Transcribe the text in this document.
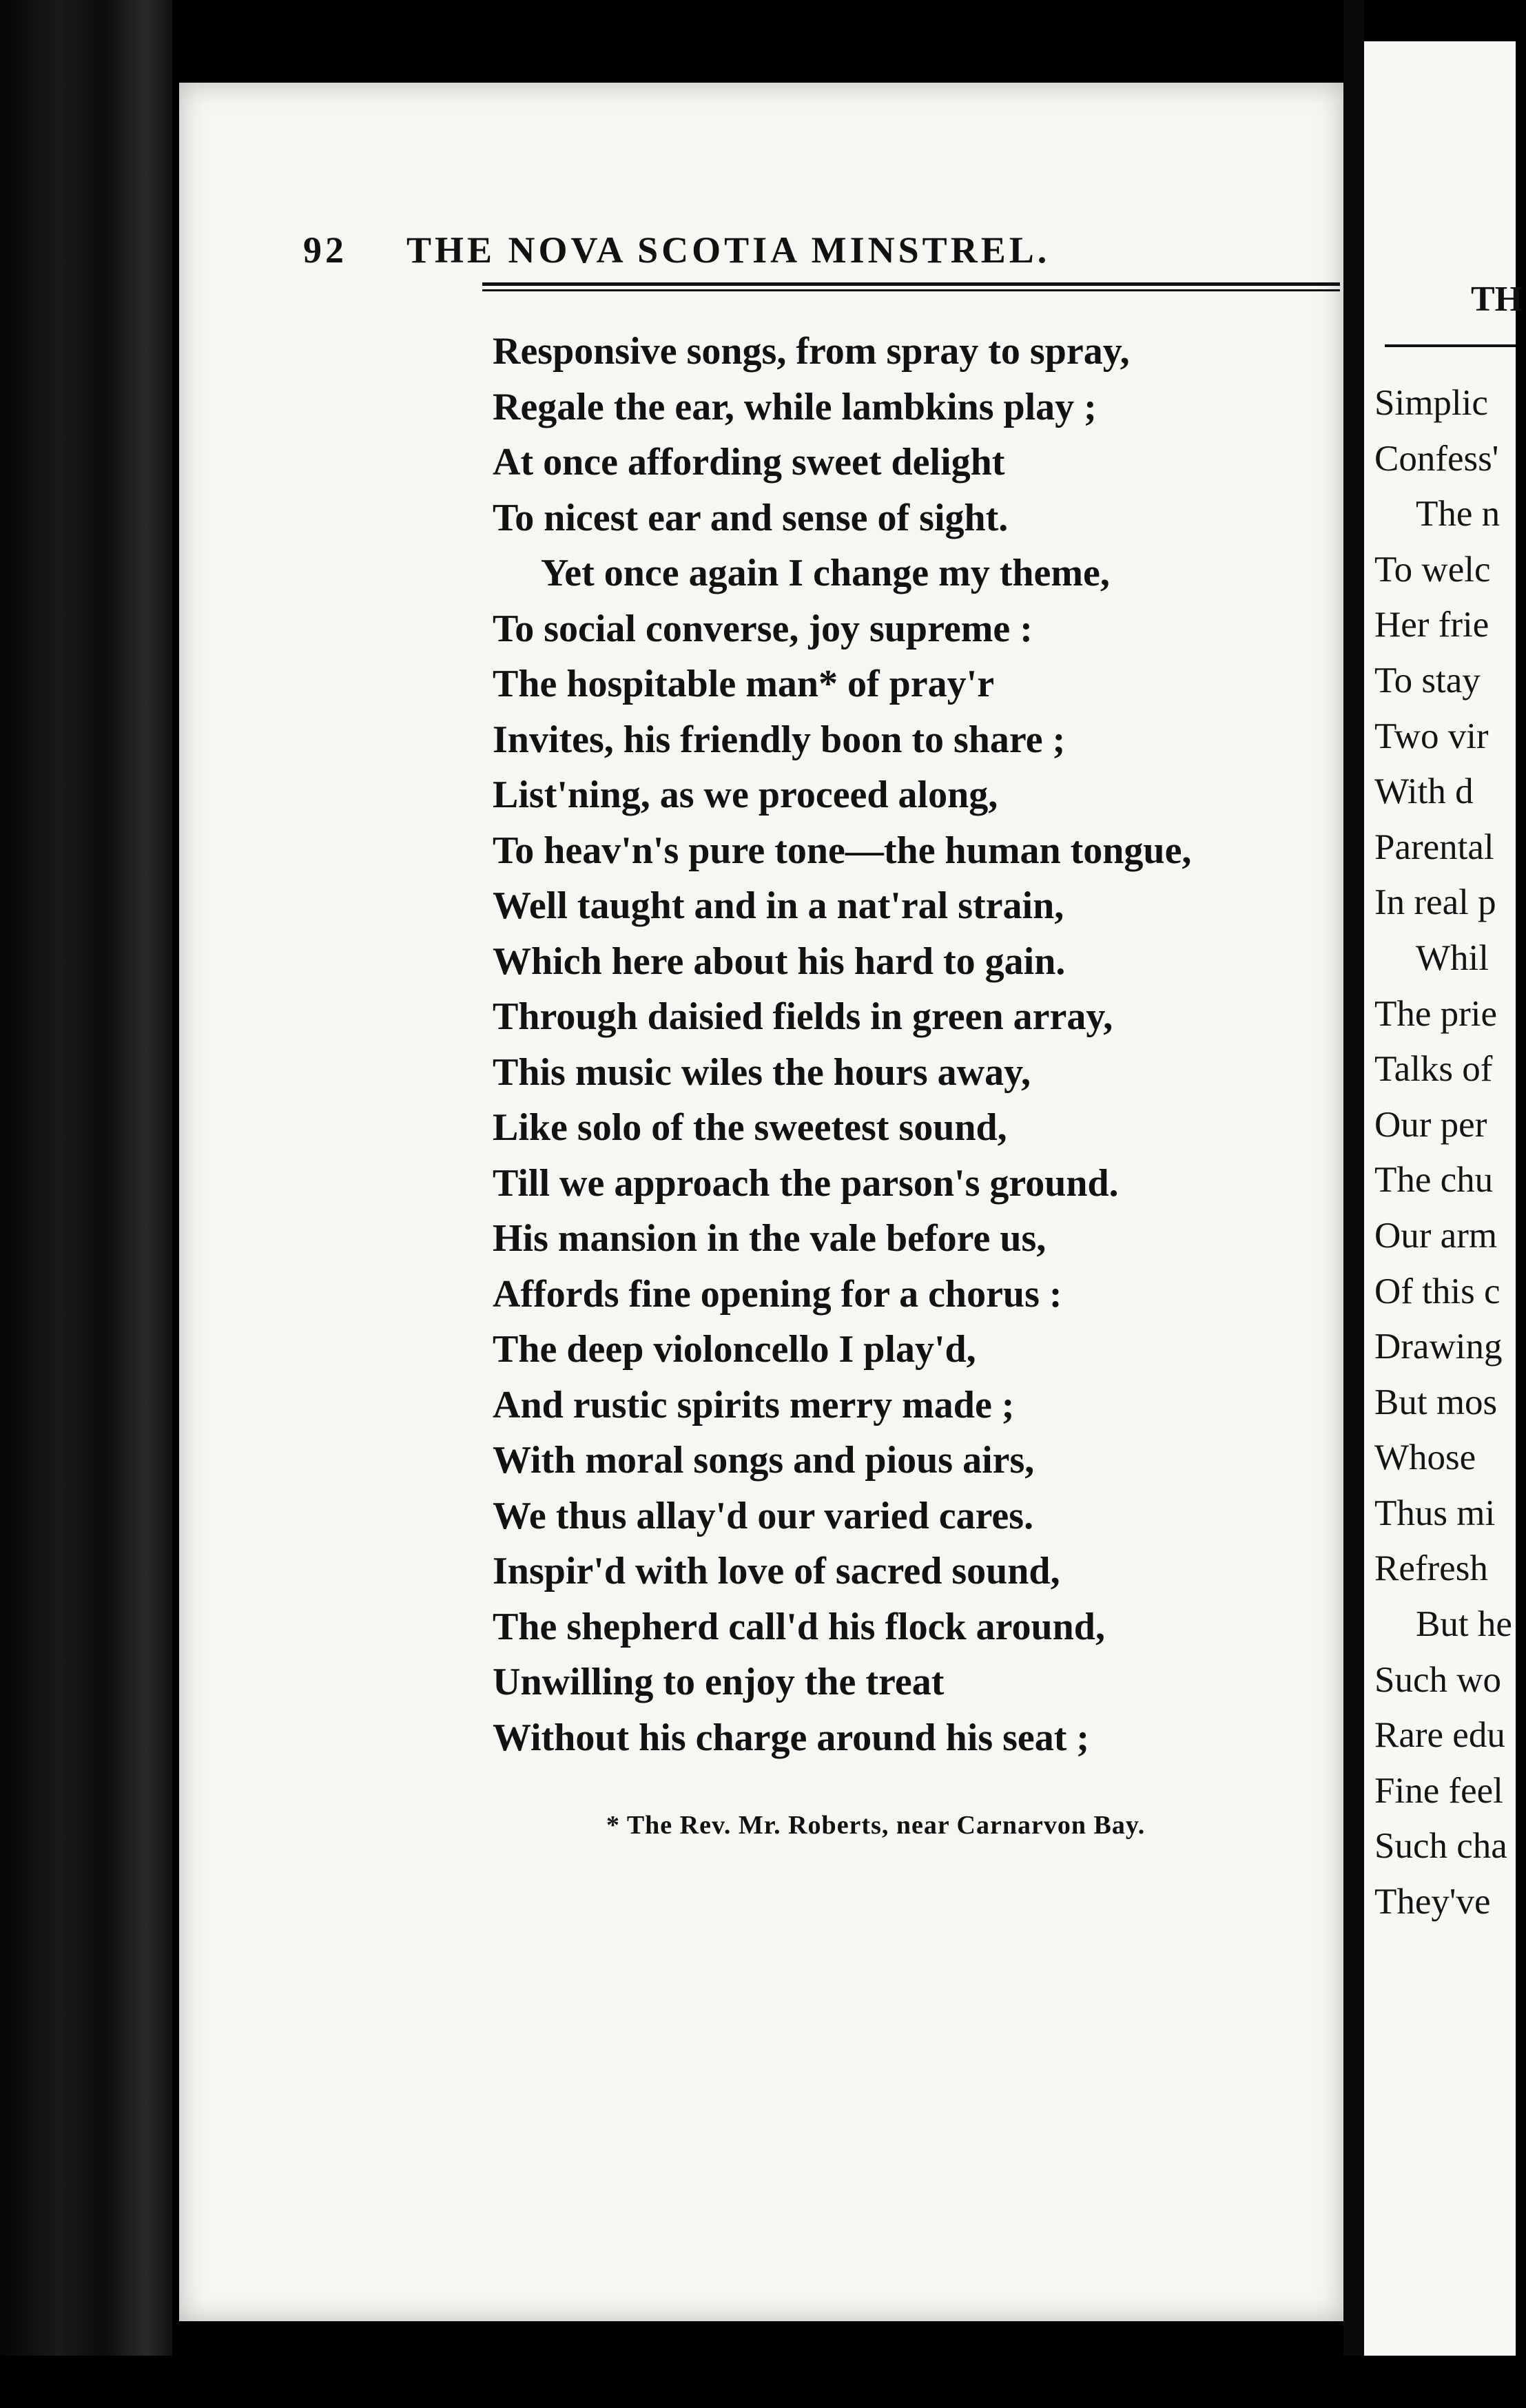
92 THE NOVA SCOTIA MINSTREL.
Responsive songs, from spray to spray,
Regale the ear, while lambkins play ;
At once affording sweet delight
To nicest ear and sense of sight.
Yet once again I change my theme,
To social converse, joy supreme :
The hospitable man* of pray'r
Invites, his friendly boon to share ;
List'ning, as we proceed along,
To heav'n's pure tone—the human tongue,
Well taught and in a nat'ral strain,
Which here about his hard to gain.
Through daisied fields in green array,
This music wiles the hours away,
Like solo of the sweetest sound,
Till we approach the parson's ground.
His mansion in the vale before us,
Affords fine opening for a chorus :
The deep violoncello I play'd,
And rustic spirits merry made ;
With moral songs and pious airs,
We thus allay'd our varied cares.
Inspir'd with love of sacred sound,
The shepherd call'd his flock around,
Unwilling to enjoy the treat
Without his charge around his seat ;
* The Rev. Mr. Roberts, near Carnarvon Bay.
TH
Simplic
Confess'
The n
To welc
Her frie
To stay
Two vir
With d
Parental
In real p
Whil
The prie
Talks of
Our per
The chu
Our arm
Of this c
Drawing
But mos
Whose
Thus mi
Refresh
But he
Such wo
Rare edu
Fine feel
Such cha
They've
